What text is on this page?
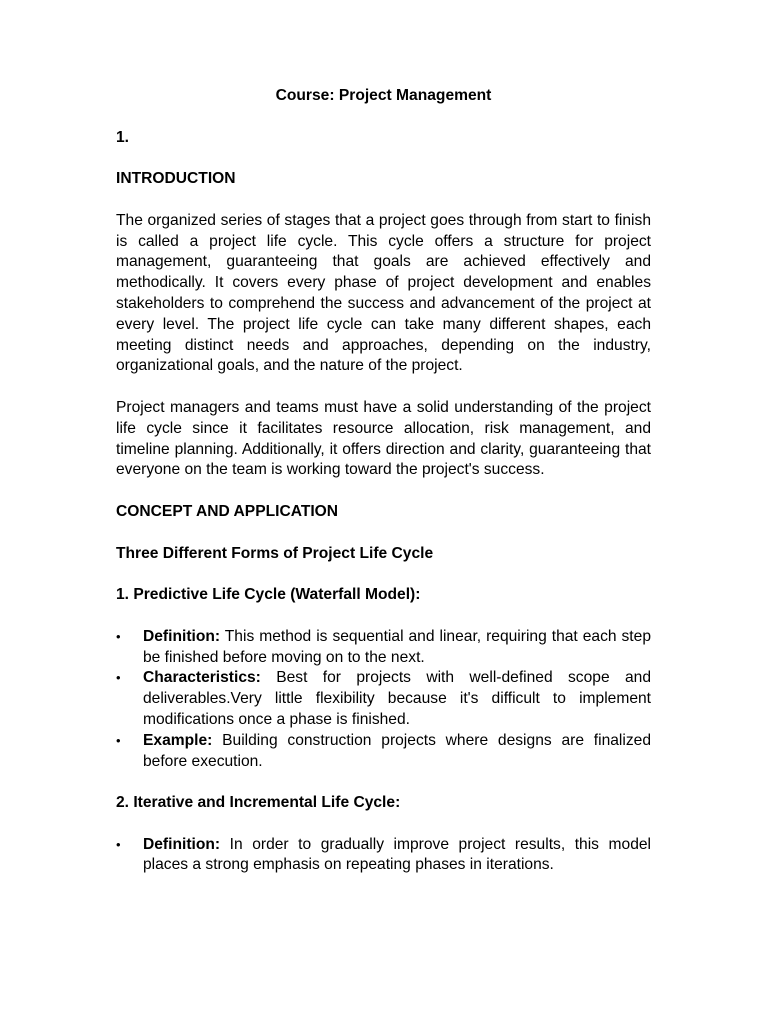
Course: Project Management
1.
INTRODUCTION
The organized series of stages that a project goes through from start to finish is called a project life cycle. This cycle offers a structure for project management, guaranteeing that goals are achieved effectively and methodically. It covers every phase of project development and enables stakeholders to comprehend the success and advancement of the project at every level. The project life cycle can take many different shapes, each meeting distinct needs and approaches, depending on the industry, organizational goals, and the nature of the project.
Project managers and teams must have a solid understanding of the project life cycle since it facilitates resource allocation, risk management, and timeline planning. Additionally, it offers direction and clarity, guaranteeing that everyone on the team is working toward the project's success.
CONCEPT AND APPLICATION
Three Different Forms of Project Life Cycle
1. Predictive Life Cycle (Waterfall Model):
•	Definition: This method is sequential and linear, requiring that each step be finished before moving on to the next.
•	Characteristics: Best for projects with well-defined scope and deliverables.Very little flexibility because it's difficult to implement modifications once a phase is finished.
•	Example: Building construction projects where designs are finalized before execution.
2. Iterative and Incremental Life Cycle:
•	Definition: In order to gradually improve project results, this model places a strong emphasis on repeating phases in iterations.
